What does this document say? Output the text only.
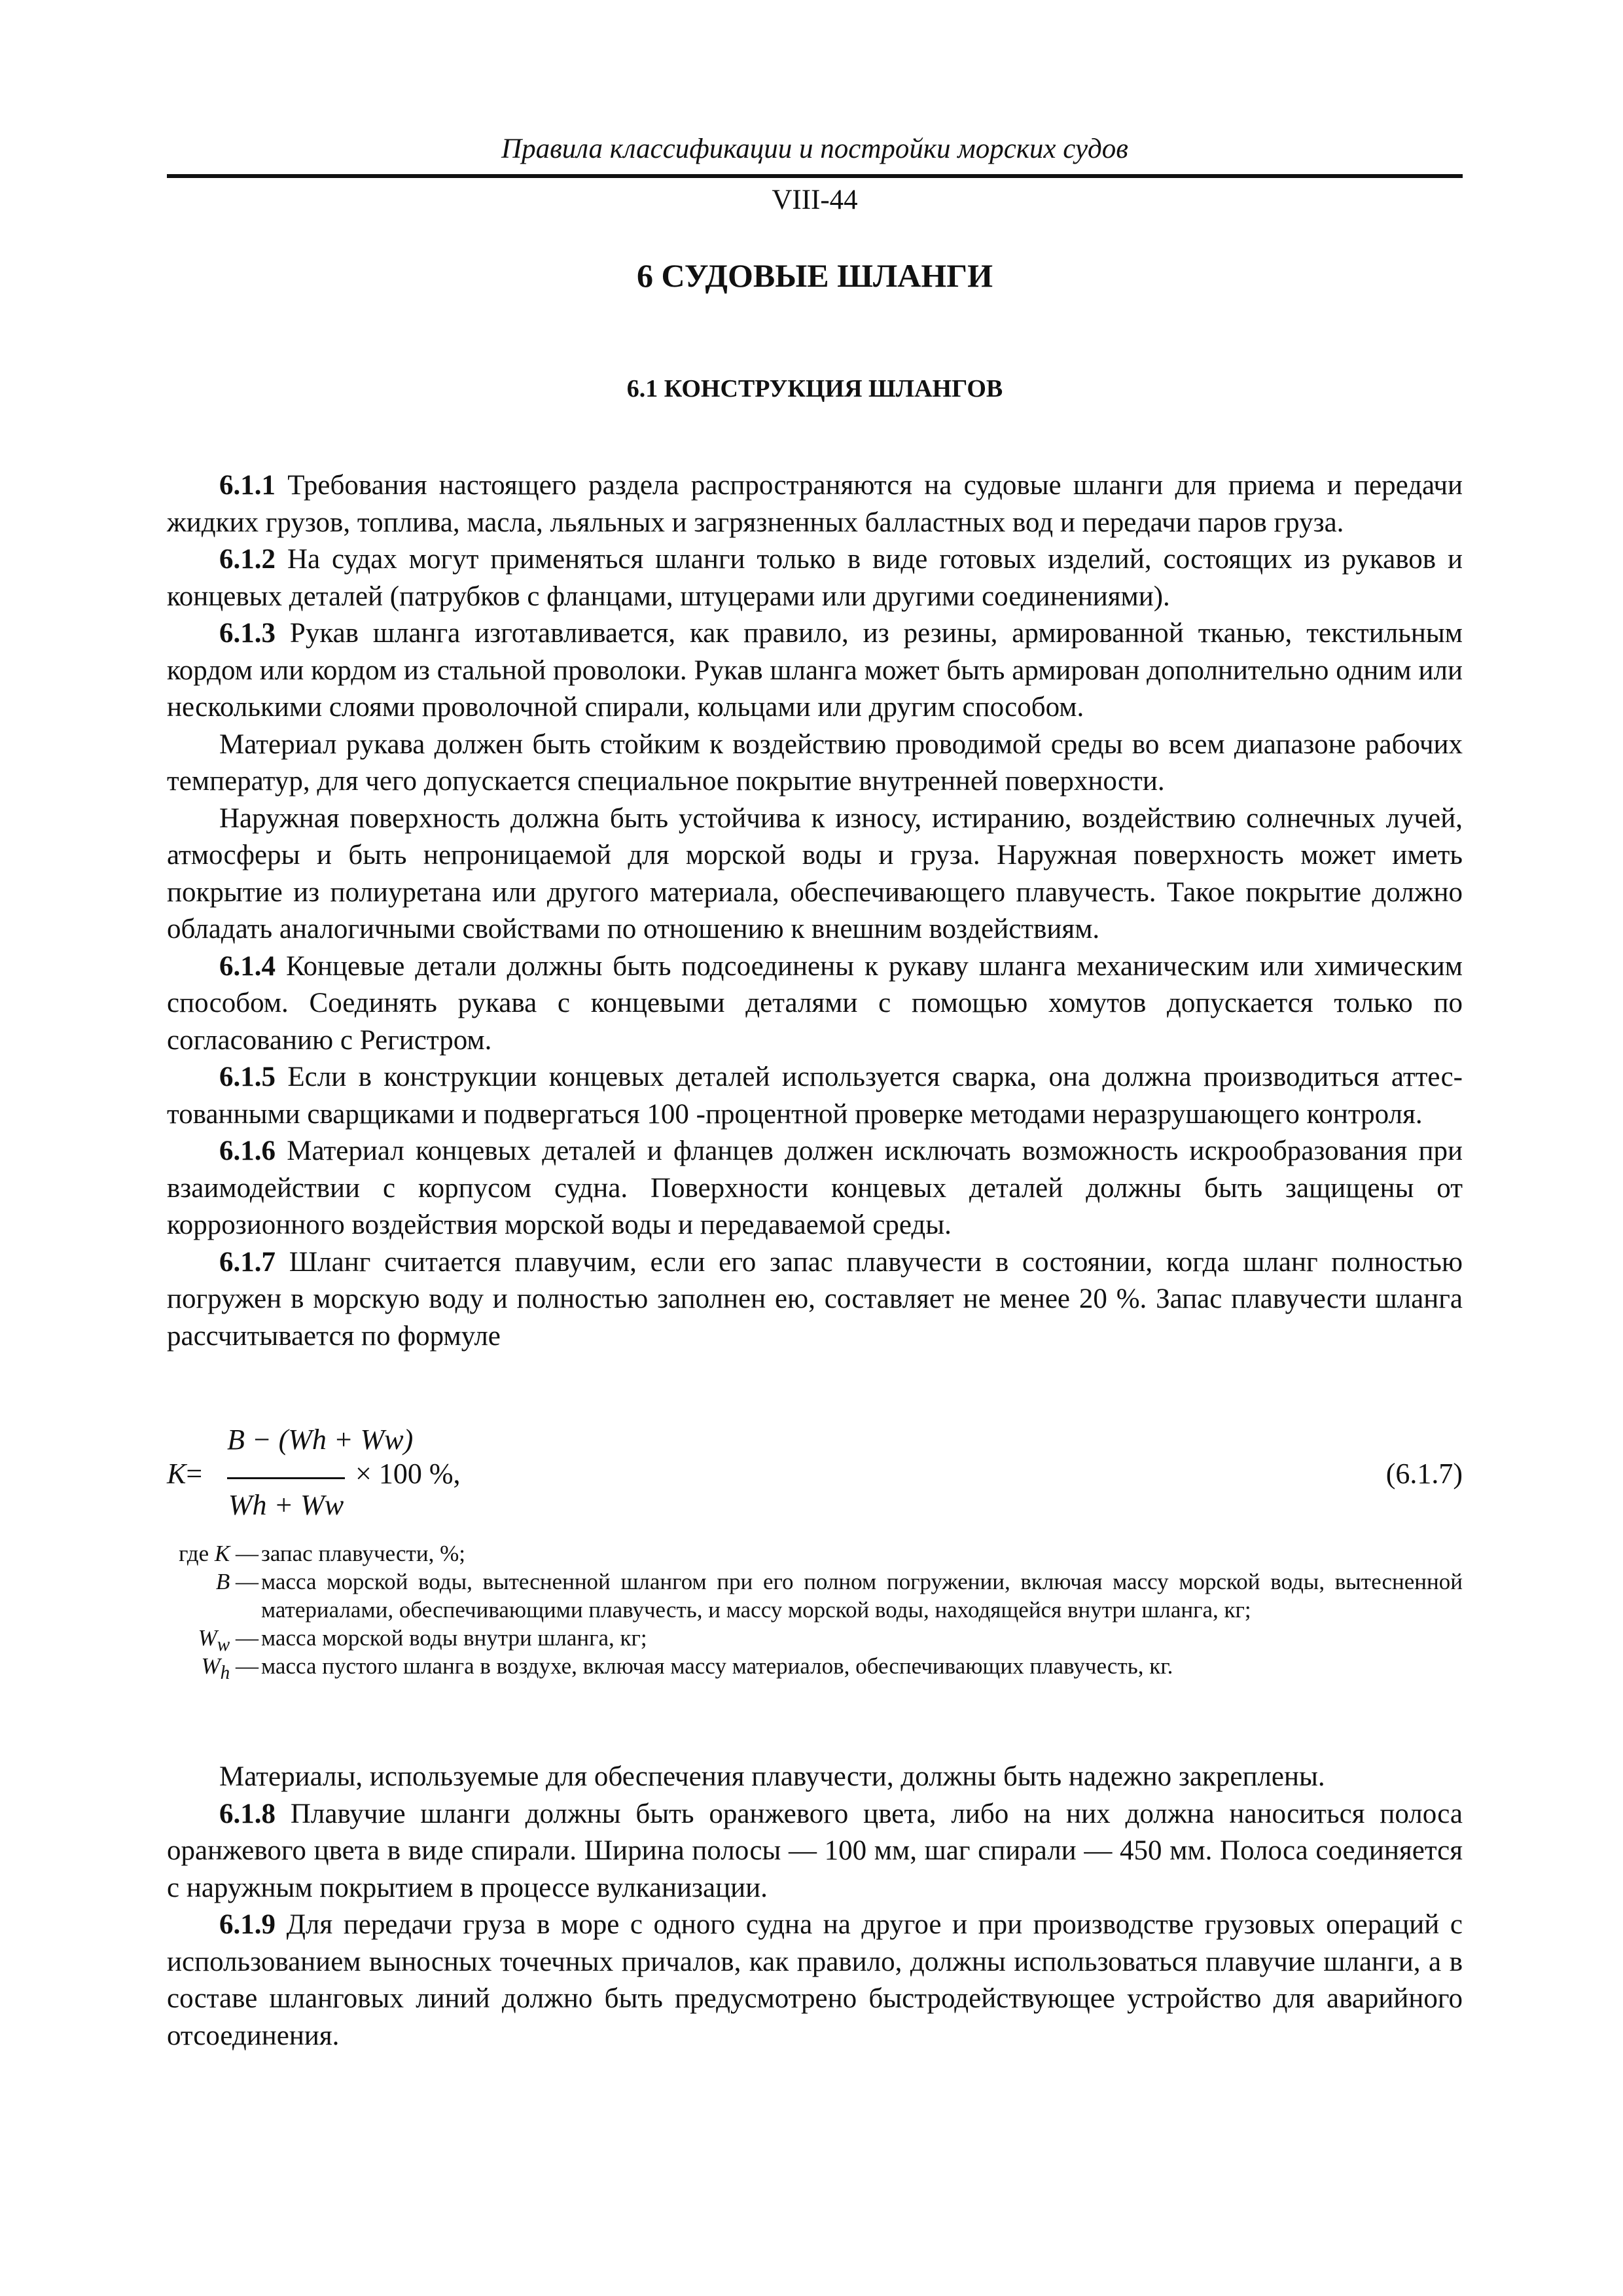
Правила классификации и постройки морских судов
VIII-44
6 СУДОВЫЕ ШЛАНГИ
6.1 КОНСТРУКЦИЯ ШЛАНГОВ

6.1.1 Требования настоящего раздела распространяются на судовые шланги для приема и передачи жидких грузов, топлива, масла, льяльных и загрязненных балластных вод и передачи паров груза.

6.1.2 На судах могут применяться шланги только в виде готовых изделий, состоящих из рукавов и концевых деталей (патрубков с фланцами, штуцерами или другими соединениями).

6.1.3 Рукав шланга изготавливается, как правило, из резины, армированной тканью, текстильным кордом или кордом из стальной проволоки. Рукав шланга может быть армирован дополнительно одним или несколькими слоями проволочной спирали, кольцами или другим способом.

Материал рукава должен быть стойким к воздействию проводимой среды во всем диапазоне рабочих температур, для чего допускается специальное покрытие внутренней поверхности.

Наружная поверхность должна быть устойчива к износу, истиранию, воздействию солнечных лучей, атмосферы и быть непроницаемой для морской воды и груза. Наружная поверхность может иметь покрытие из полиуретана или другого материала, обеспечивающего плавучесть. Такое покрытие должно обладать аналогичными свойствами по отношению к внешним воздействиям.

6.1.4 Концевые детали должны быть подсоединены к рукаву шланга механическим или химическим способом. Соединять рукава с концевыми деталями с помощью хомутов допускается только по согласованию с Регистром.

6.1.5 Если в конструкции концевых деталей используется сварка, она должна производиться аттес-тованными сварщиками и подвергаться 100 -процентной проверке методами неразрушающего контроля.

6.1.6 Материал концевых деталей и фланцев должен исключать возможность искрообразования при взаимодействии с корпусом судна. Поверхности концевых деталей должны быть защищены от коррозионного воздействия морской воды и передаваемой среды.

6.1.7 Шланг считается плавучим, если его запас плавучести в состоянии, когда шланг полностью погружен в морскую воду и полностью заполнен ею, составляет не менее 20 %. Запас плавучести шланга рассчитывается по формуле

K=
B − (Wh + Ww)
Wh + Ww
× 100 %,	(6.1.7)
где K — запас плавучести, %;
B — масса морской воды, вытесненной шлангом при его полном погружении, включая массу морской воды, вытесненной материалами, обеспечивающими плавучесть, и массу морской воды, находящейся внутри шланга, кг;
$W_w$ — масса морской воды внутри шланга, кг;
$W_h$ — масса пустого шланга в воздухе, включая массу материалов, обеспечивающих плавучесть, кг.

Материалы, используемые для обеспечения плавучести, должны быть надежно закреплены.

6.1.8 Плавучие шланги должны быть оранжевого цвета, либо на них должна наноситься полоса оранжевого цвета в виде спирали. Ширина полосы — 100 мм, шаг спирали — 450 мм. Полоса соединяется с наружным покрытием в процессе вулканизации.

6.1.9 Для передачи груза в море с одного судна на другое и при производстве грузовых операций с использованием выносных точечных причалов, как правило, должны использоваться плавучие шланги, а в составе шланговых линий должно быть предусмотрено быстродействующее устройство для аварийного отсоединения.
